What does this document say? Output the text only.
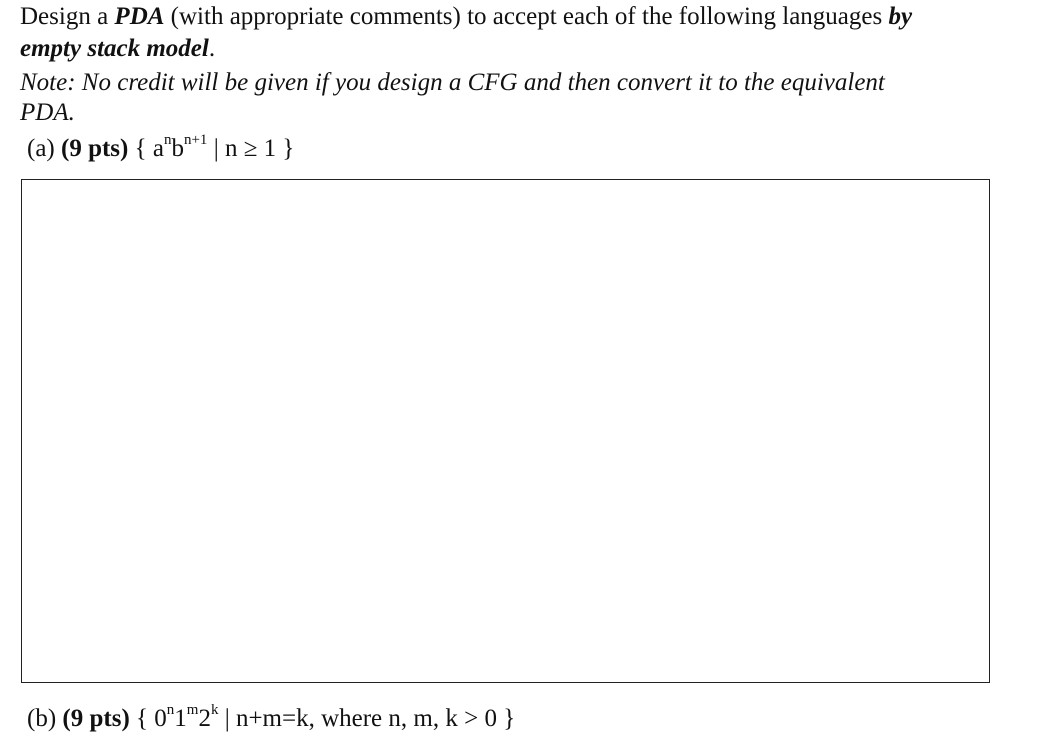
Design a PDA (with appropriate comments) to accept each of the following languages by
empty stack model.
Note: No credit will be given if you design a CFG and then convert it to the equivalent
PDA.
(a) (9 pts) { $a^nb^{n+1}$ | n ≥ 1 }
(b) (9 pts) { 0$^n$1$^m$2$^k$ | n+m=k, where n, m, k > 0 }
